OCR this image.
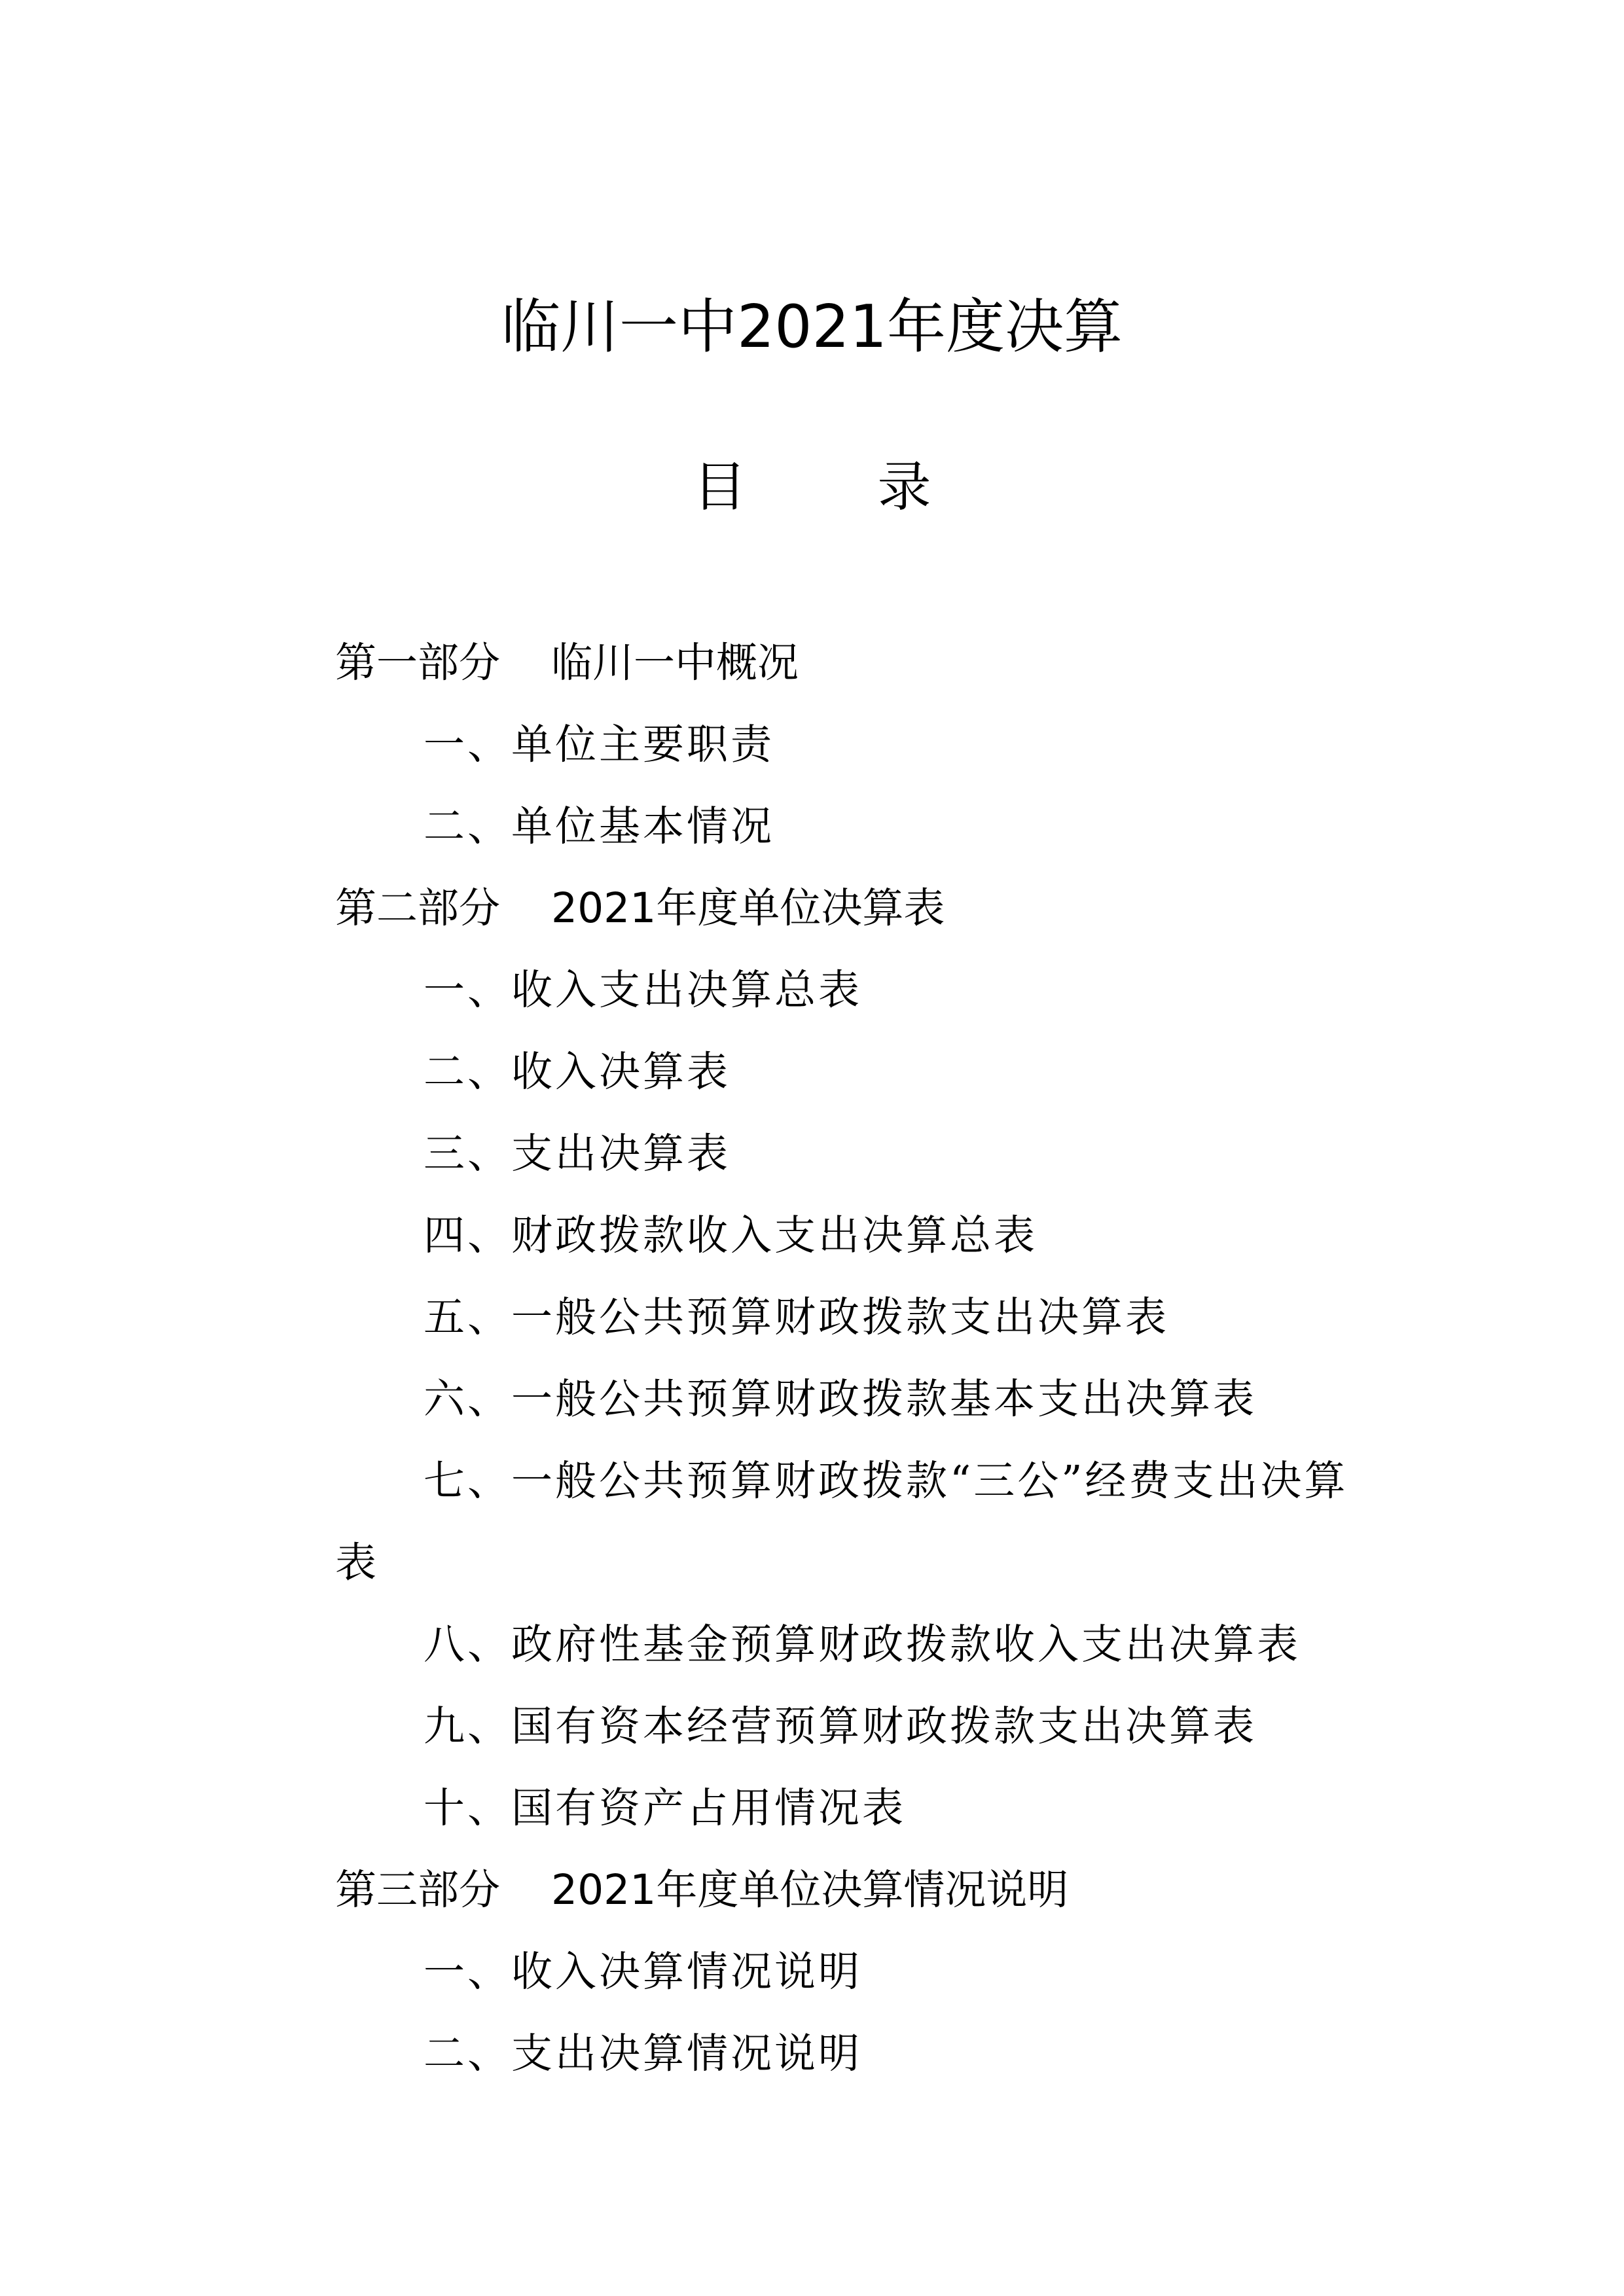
临川一中2021年度决算
目录
第一部分 临川一中概况
一、单位主要职责
二、单位基本情况
第二部分 2021年度单位决算表
一、收入支出决算总表
二、收入决算表
三、支出决算表
四、财政拨款收入支出决算总表
五、一般公共预算财政拨款支出决算表
六、一般公共预算财政拨款基本支出决算表
七、一般公共预算财政拨款“三公”经费支出决算
表
八、政府性基金预算财政拨款收入支出决算表
九、国有资本经营预算财政拨款支出决算表
十、国有资产占用情况表
第三部分 2021年度单位决算情况说明
一、收入决算情况说明
二、支出决算情况说明
